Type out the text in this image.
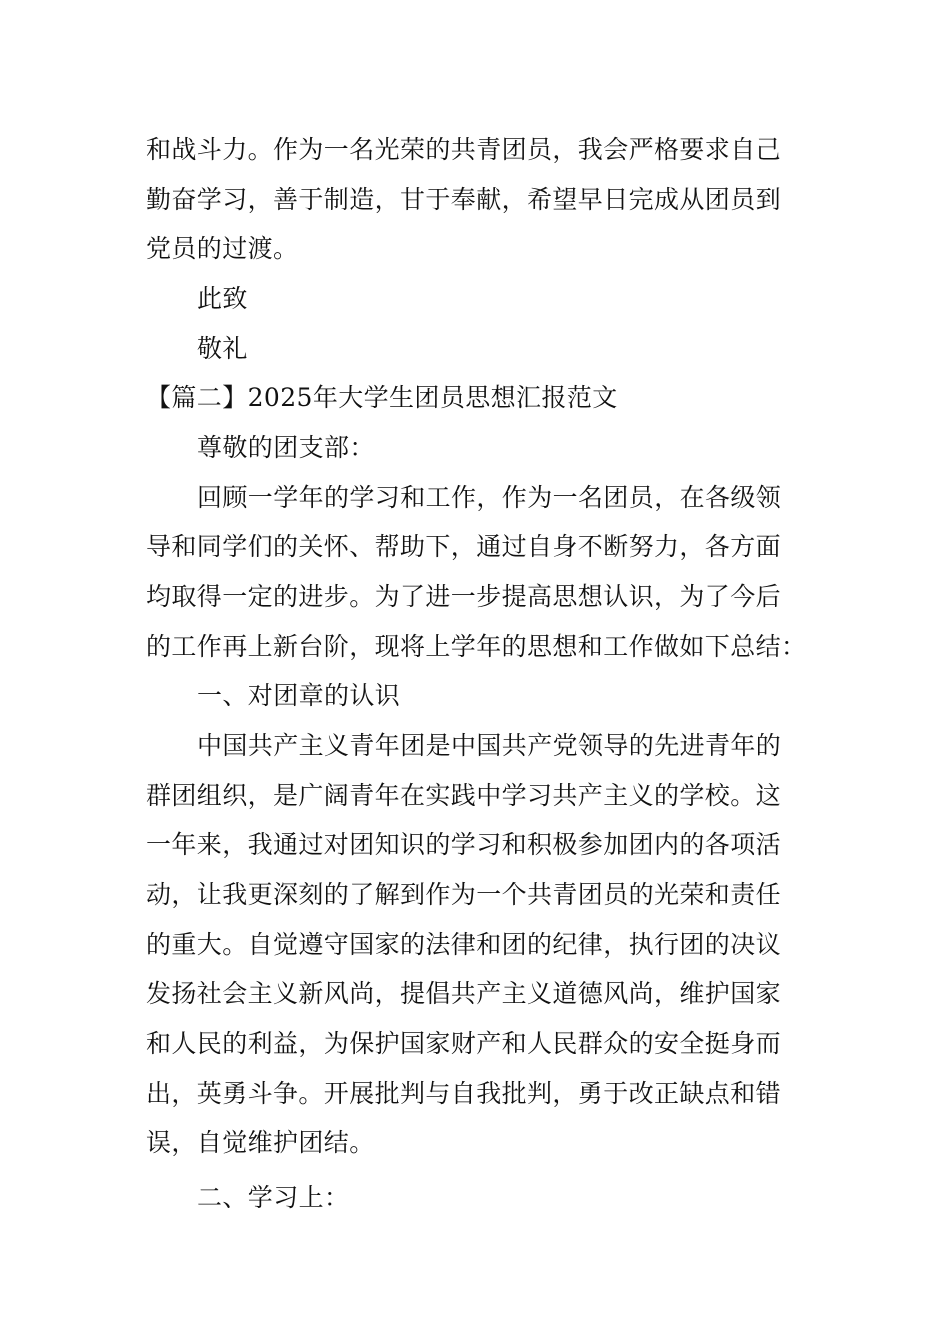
和战斗力。作为一名光荣的共青团员，我会严格要求自己
勤奋学习，善于制造，甘于奉献，希望早日完成从团员到
党员的过渡。
此致
敬礼
【篇二】2025年大学生团员思想汇报范文
尊敬的团支部：
回顾一学年的学习和工作，作为一名团员，在各级领
导和同学们的关怀、帮助下，通过自身不断努力，各方面
均取得一定的进步。为了进一步提高思想认识，为了今后
的工作再上新台阶，现将上学年的思想和工作做如下总结：
一、对团章的认识
中国共产主义青年团是中国共产党领导的先进青年的
群团组织，是广阔青年在实践中学习共产主义的学校。这
一年来，我通过对团知识的学习和积极参加团内的各项活
动，让我更深刻的了解到作为一个共青团员的光荣和责任
的重大。自觉遵守国家的法律和团的纪律，执行团的决议
发扬社会主义新风尚，提倡共产主义道德风尚，维护国家
和人民的利益，为保护国家财产和人民群众的安全挺身而
出，英勇斗争。开展批判与自我批判，勇于改正缺点和错
误，自觉维护团结。
二、学习上：
